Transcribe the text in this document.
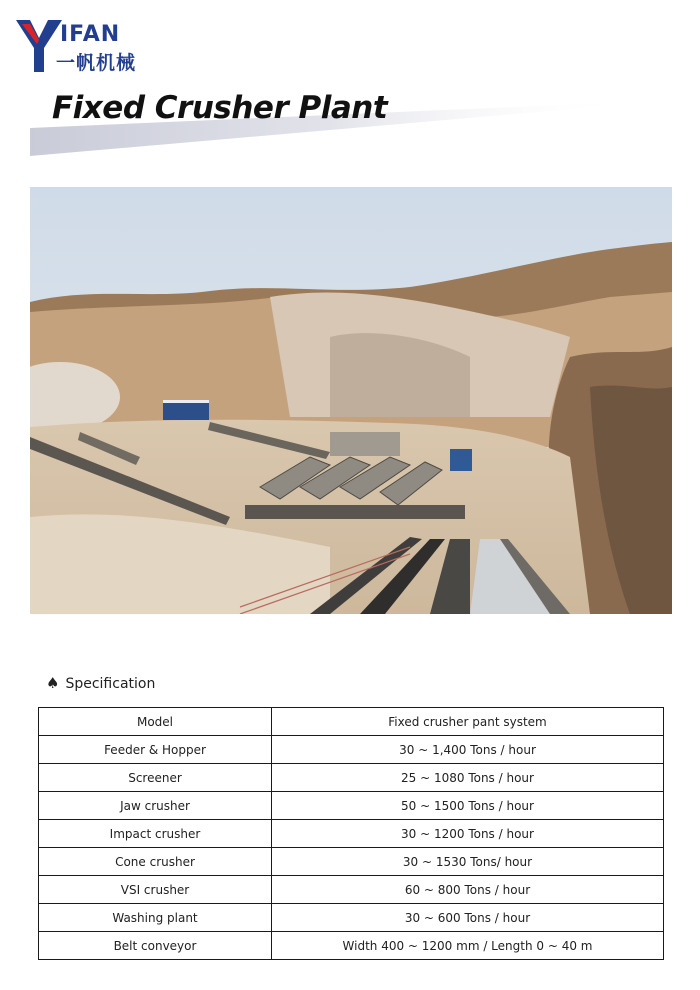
IFAN
一帆机械
Fixed Crusher Plant
♠ Specification
Model	Fixed crusher pant system
Feeder & Hopper	30 ~ 1,400 Tons / hour
Screener	25 ~ 1080 Tons / hour
Jaw crusher	50 ~ 1500 Tons / hour
Impact crusher	30 ~ 1200 Tons / hour
Cone crusher	30 ~ 1530 Tons/ hour
VSI crusher	60 ~ 800 Tons / hour
Washing plant	30 ~ 600 Tons / hour
Belt conveyor	Width 400 ~ 1200 mm / Length 0 ~ 40 m
